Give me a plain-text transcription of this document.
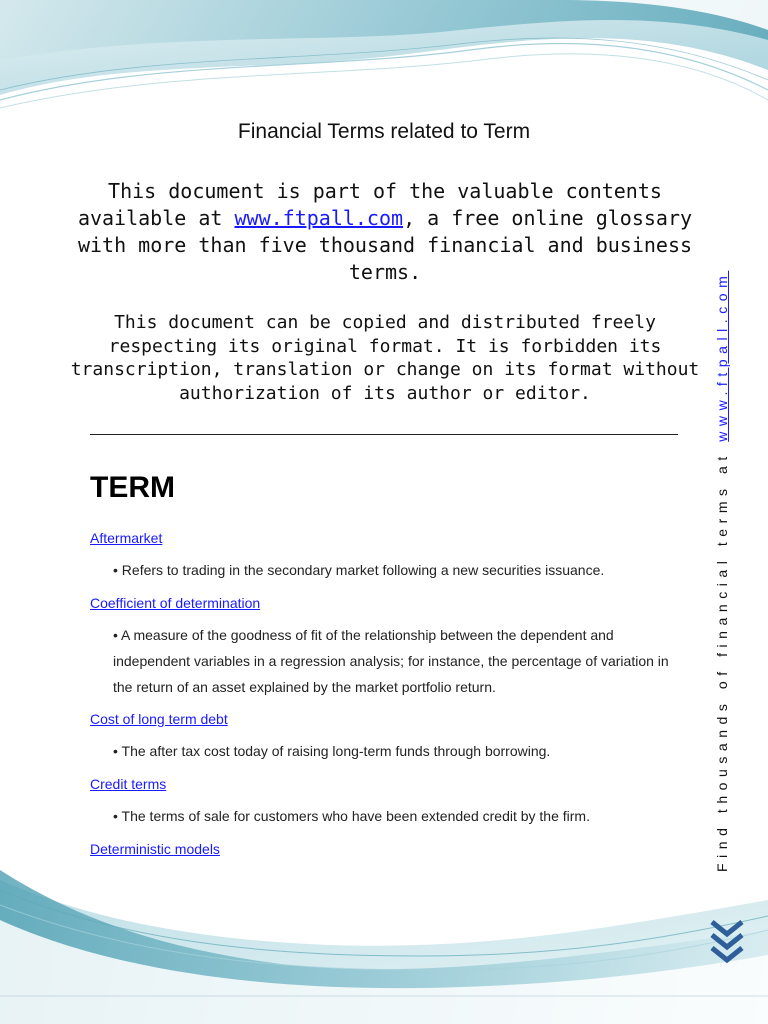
Financial Terms related to Term

This document is part of the valuable contents available at www.ftpall.com, a free online glossary with more than five thousand financial and business terms.

This document can be copied and distributed freely respecting its original format. It is forbidden its transcription, translation or change on its format without authorization of its author or editor.

TERM
Aftermarket
• Refers to trading in the secondary market following a new securities issuance.
Coefficient of determination
• A measure of the goodness of fit of the relationship between the dependent and independent variables in a regression analysis; for instance, the percentage of variation in the return of an asset explained by the market portfolio return.
Cost of long term debt
• The after tax cost today of raising long-term funds through borrowing.
Credit terms
• The terms of sale for customers who have been extended credit by the firm.
Deterministic models	Find thousands of financial terms at www.ftpall.com
